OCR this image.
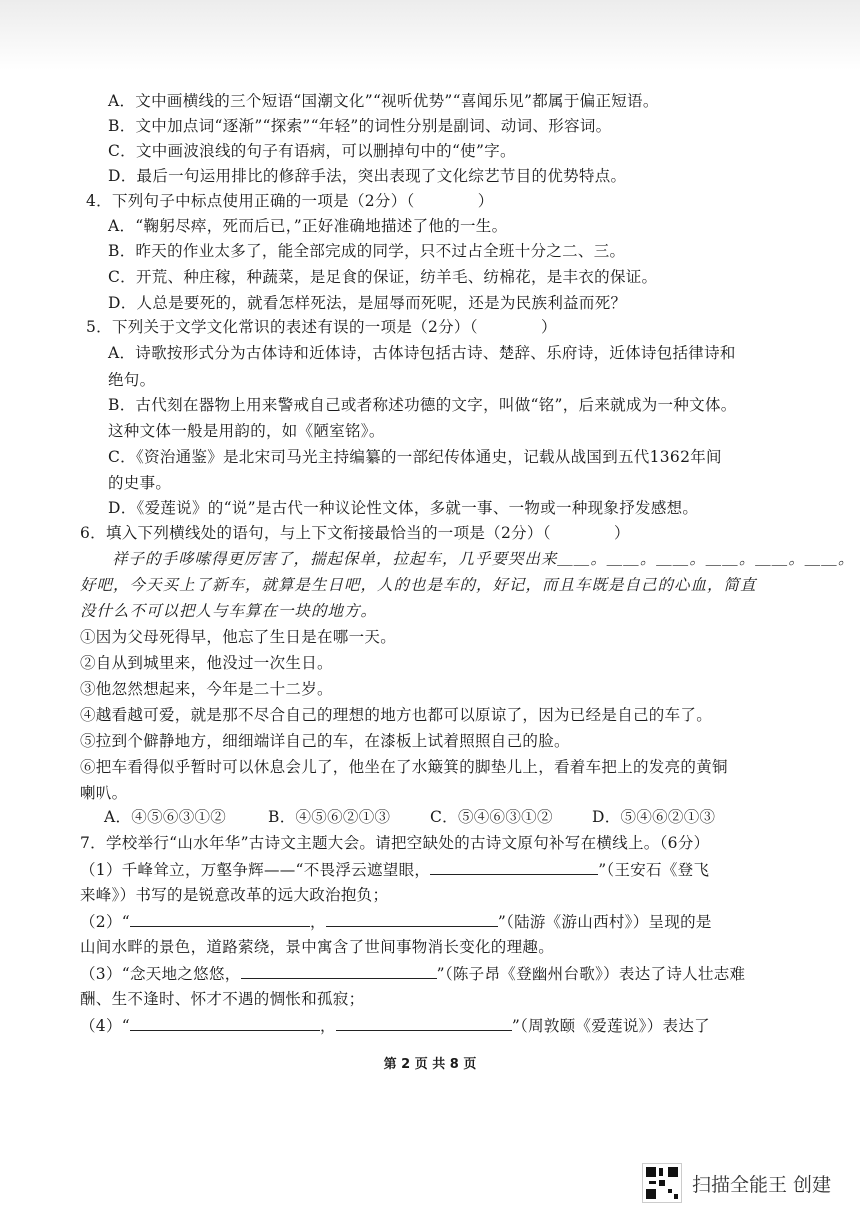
A．文中画横线的三个短语“国潮文化”“视听优势”“喜闻乐见”都属于偏正短语。
B．文中加点词“逐渐”“探索”“年轻”的词性分别是副词、动词、形容词。
C．文中画波浪线的句子有语病，可以删掉句中的“使”字。
D．最后一句运用排比的修辞手法，突出表现了文化综艺节目的优势特点。
4．下列句子中标点使用正确的一项是（2分）（　　　　）
A．“鞠躬尽瘁，死而后已，”正好准确地描述了他的一生。
B．昨天的作业太多了，能全部完成的同学，只不过占全班十分之二、三。
C．开荒、种庄稼，种蔬菜，是足食的保证，纺羊毛、纺棉花，是丰衣的保证。
D．人总是要死的，就看怎样死法，是屈辱而死呢，还是为民族利益而死？
5．下列关于文学文化常识的表述有误的一项是（2分）（　　　　）
A．诗歌按形式分为古体诗和近体诗，古体诗包括古诗、楚辞、乐府诗，近体诗包括律诗和
绝句。
B．古代刻在器物上用来警戒自己或者称述功德的文字，叫做“铭”，后来就成为一种文体。
这种文体一般是用韵的，如《陋室铭》。
C．《资治通鉴》是北宋司马光主持编纂的一部纪传体通史，记载从战国到五代1362年间
的史事。
D．《爱莲说》的“说”是古代一种议论性文体，多就一事、一物或一种现象抒发感想。
6．填入下列横线处的语句，与上下文衔接最恰当的一项是（2分）（　　　　）
祥子的手哆嗦得更厉害了，揣起保单，拉起车，几乎要哭出来＿＿。＿＿。＿＿。＿＿。＿＿。＿＿。
好吧，今天买上了新车，就算是生日吧，人的也是车的，好记，而且车既是自己的心血，简直
没什么不可以把人与车算在一块的地方。
①因为父母死得早，他忘了生日是在哪一天。
②自从到城里来，他没过一次生日。
③他忽然想起来，今年是二十二岁。
④越看越可爱，就是那不尽合自己的理想的地方也都可以原谅了，因为已经是自己的车了。
⑤拉到个僻静地方，细细端详自己的车，在漆板上试着照照自己的脸。
⑥把车看得似乎暂时可以休息会儿了，他坐在了水簸箕的脚垫儿上，看着车把上的发亮的黄铜
喇叭。
A．④⑤⑥③①②	B．④⑤⑥②①③	C．⑤④⑥③①②	D．⑤④⑥②①③
7．学校举行“山水年华”古诗文主题大会。请把空缺处的古诗文原句补写在横线上。（6分）
（1）千峰耸立，万壑争辉——“不畏浮云遮望眼，	”（王安石《登飞
来峰》）书写的是锐意改革的远大政治抱负；
（2）“	，	”（陆游《游山西村》）呈现的是
山间水畔的景色，道路萦绕，景中寓含了世间事物消长变化的理趣。
（3）“念天地之悠悠，	”（陈子昂《登幽州台歌》）表达了诗人壮志难
酬、生不逢时、怀才不遇的惆怅和孤寂；
（4）“	，	”（周敦颐《爱莲说》）表达了
第 2 页 共 8 页
扫描全能王 创建
